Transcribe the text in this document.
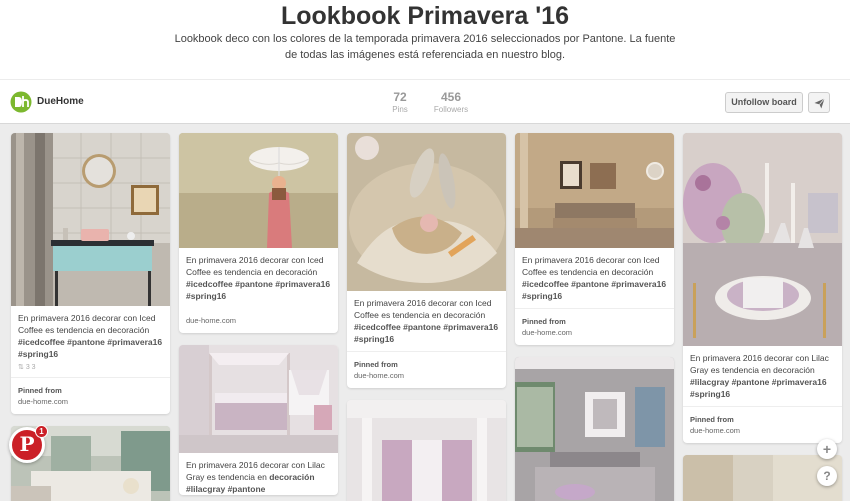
Lookbook Primavera '16
Lookbook deco con los colores de la temporada primavera 2016 seleccionados por Pantone. La fuente de todas las imágenes está referenciada en nuestro blog.
DueHome	72
Pins
456
Followers
Unfollow board
En primavera 2016 decorar con Iced Coffee es tendencia en decoración #icedcoffee #pantone #primavera16 #spring16
⇅ 3 3
Pinned from
due-home.com
En primavera 2016 decorar con Iced Coffee es tendencia en decoración #icedcoffee #pantone #primavera16 #spring16
due-home.com
En primavera 2016 decorar con Lilac Gray es tendencia en decoración #lilacgray #pantone
En primavera 2016 decorar con Iced Coffee es tendencia en decoración #icedcoffee #pantone #primavera16 #spring16
Pinned from
due-home.com
En primavera 2016 decorar con Iced Coffee es tendencia en decoración #icedcoffee #pantone #primavera16 #spring16
Pinned from
due-home.com
En primavera 2016 decorar con Lilac Gray es tendencia en decoración #lilacgray #pantone #primavera16 #spring16
Pinned from
due-home.com
P
1
+
?
